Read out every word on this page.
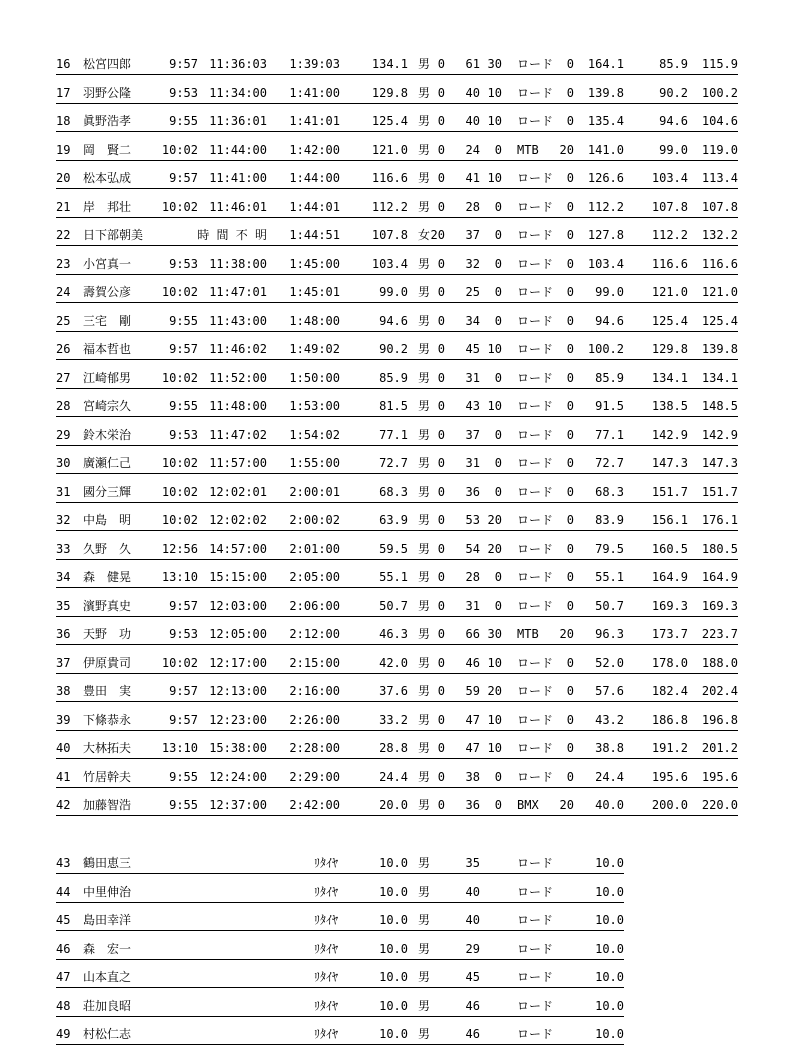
16 松宮四郎	9:57 11:36:03 1:39:03	134.1 男 0 61 30 ロード 0 164.1	85.9 115.9
17 羽野公隆	9:53 11:34:00 1:41:00	129.8 男 0 40 10 ロード 0 139.8	90.2 100.2
18 眞野浩孝	9:55 11:36:01 1:41:01	125.4 男 0 40 10 ロード 0 135.4	94.6 104.6
19 岡　賢二	10:02 11:44:00 1:42:00	121.0 男 0 24 0 MTB 20 141.0	99.0 119.0
20 松本弘成	9:57 11:41:00 1:44:00	116.6 男 0 41 10 ロード 0 126.6 103.4 113.4
21 岸　邦壮	10:02 11:46:01 1:44:01	112.2 男 0 28 0 ロード 0 112.2 107.8 107.8
22 日下部朝美	時 間 不 明 1:44:51	107.8 女 20 37 0 ロード 0 127.8 112.2 132.2
23 小宮真一	9:53 11:38:00 1:45:00	103.4 男 0 32 0 ロード 0 103.4 116.6 116.6
24 壽賀公彦	10:02 11:47:01 1:45:01	99.0 男 0 25 0 ロード 0 99.0 121.0 121.0
25 三宅　剛	9:55 11:43:00 1:48:00	94.6 男 0 34 0 ロード 0 94.6 125.4 125.4
26 福本哲也	9:57 11:46:02 1:49:02	90.2 男 0 45 10 ロード 0 100.2 129.8 139.8
27 江崎郁男	10:02 11:52:00 1:50:00	85.9 男 0 31 0 ロード 0 85.9 134.1 134.1
28 宮崎宗久	9:55 11:48:00 1:53:00	81.5 男 0 43 10 ロード 0 91.5 138.5 148.5
29 鈴木栄治	9:53 11:47:02 1:54:02	77.1 男 0 37 0 ロード 0 77.1 142.9 142.9
30 廣瀬仁己	10:02 11:57:00 1:55:00	72.7 男 0 31 0 ロード 0 72.7 147.3 147.3
31 國分三輝	10:02 12:02:01 2:00:01	68.3 男 0 36 0 ロード 0 68.3 151.7 151.7
32 中島　明	10:02 12:02:02 2:00:02	63.9 男 0 53 20 ロード 0 83.9 156.1 176.1
33 久野　久	12:56 14:57:00 2:01:00	59.5 男 0 54 20 ロード 0 79.5 160.5 180.5
34 森　健晃	13:10 15:15:00 2:05:00	55.1 男 0 28 0 ロード 0 55.1 164.9 164.9
35 濱野真史	9:57 12:03:00 2:06:00	50.7 男 0 31 0 ロード 0 50.7 169.3 169.3
36 天野　功	9:53 12:05:00 2:12:00	46.3 男 0 66 30 MTB 20 96.3 173.7 223.7
37 伊原貴司	10:02 12:17:00 2:15:00	42.0 男 0 46 10 ロード 0 52.0 178.0 188.0
38 豊田　実	9:57 12:13:00 2:16:00	37.6 男 0 59 20 ロード 0 57.6 182.4 202.4
39 下條恭永	9:57 12:23:00 2:26:00	33.2 男 0 47 10 ロード 0 43.2 186.8 196.8
40 大林拓夫	13:10 15:38:00 2:28:00	28.8 男 0 47 10 ロード 0 38.8 191.2 201.2
41 竹居幹夫	9:55 12:24:00 2:29:00	24.4 男 0 38 0 ロード 0 24.4 195.6 195.6
42 加藤智浩	9:55 12:37:00 2:42:00	20.0 男 0 36 0 BMX 20 40.0 200.0 220.0
43 鶴田恵三	ﾘﾀｲﾔ	10.0 男	35	ロード	10.0
44 中里伸治	ﾘﾀｲﾔ	10.0 男	40	ロード	10.0
45 島田幸洋	ﾘﾀｲﾔ	10.0 男	40	ロード	10.0
46 森　宏一	ﾘﾀｲﾔ	10.0 男	29	ロード	10.0
47 山本直之	ﾘﾀｲﾔ	10.0 男	45	ロード	10.0
48 荘加良昭	ﾘﾀｲﾔ	10.0 男	46	ロード	10.0
49 村松仁志	ﾘﾀｲﾔ	10.0 男	46	ロード	10.0
